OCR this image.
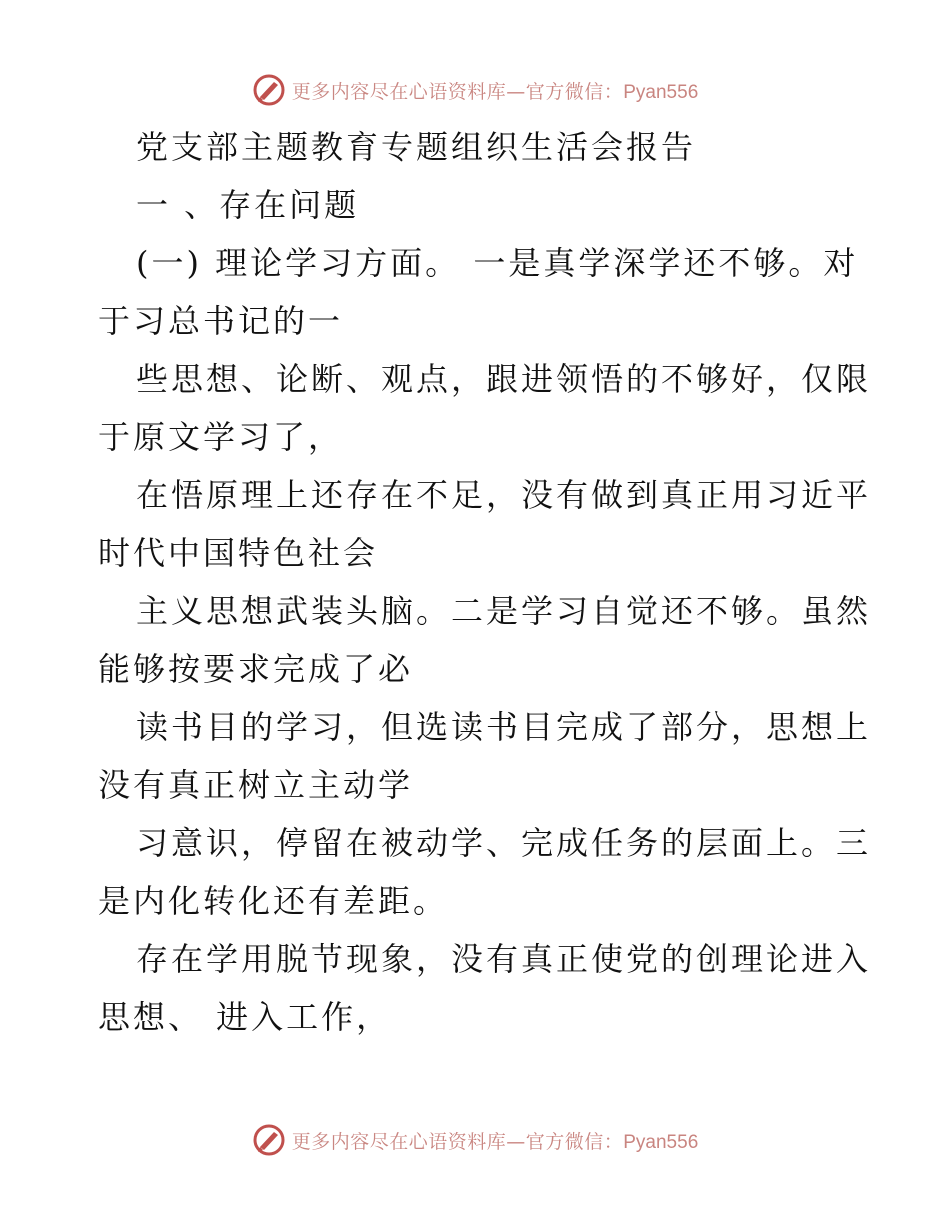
更多内容尽在心语资料库—官方微信：Pyan556
党支部主题教育专题组织生活会报告
一 、存在问题
(一) 理论学习方面。 一是真学深学还不够。对
于习总书记的一
些思想、论断、观点，跟进领悟的不够好，仅限
于原文学习了，
在悟原理上还存在不足，没有做到真正用习近平
时代中国特色社会
主义思想武装头脑。二是学习自觉还不够。虽然
能够按要求完成了必
读书目的学习，但选读书目完成了部分，思想上
没有真正树立主动学
习意识，停留在被动学、完成任务的层面上。三
是内化转化还有差距。
存在学用脱节现象，没有真正使党的创理论进入
思想、 进入工作，
更多内容尽在心语资料库—官方微信：Pyan556
